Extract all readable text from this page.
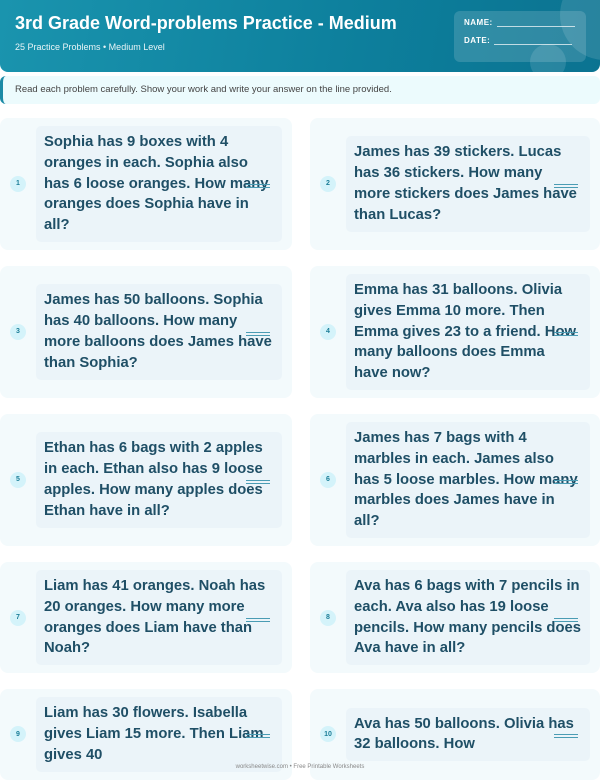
3rd Grade Word-problems Practice - Medium
25 Practice Problems • Medium Level
NAME:
DATE:
Read each problem carefully. Show your work and write your answer on the line provided.
1
Sophia has 9 boxes with 4 oranges in each. Sophia also has 6 loose oranges. How many oranges does Sophia have in all?
2
James has 39 stickers. Lucas has 36 stickers. How many more stickers does James have than Lucas?
3
James has 50 balloons. Sophia has 40 balloons. How many more balloons does James have than Sophia?
4
Emma has 31 balloons. Olivia gives Emma 10 more. Then Emma gives 23 to a friend. How many balloons does Emma have now?
5
Ethan has 6 bags with 2 apples in each. Ethan also has 9 loose apples. How many apples does Ethan have in all?
6
James has 7 bags with 4 marbles in each. James also has 5 loose marbles. How many marbles does James have in all?
7
Liam has 41 oranges. Noah has 20 oranges. How many more oranges does Liam have than Noah?
8
Ava has 6 bags with 7 pencils in each. Ava also has 19 loose pencils. How many pencils does Ava have in all?
9
Liam has 30 flowers. Isabella gives Liam 15 more. Then Liam gives 40
10
Ava has 50 balloons. Olivia has 32 balloons. How
worksheetwise.com • Free Printable Worksheets
